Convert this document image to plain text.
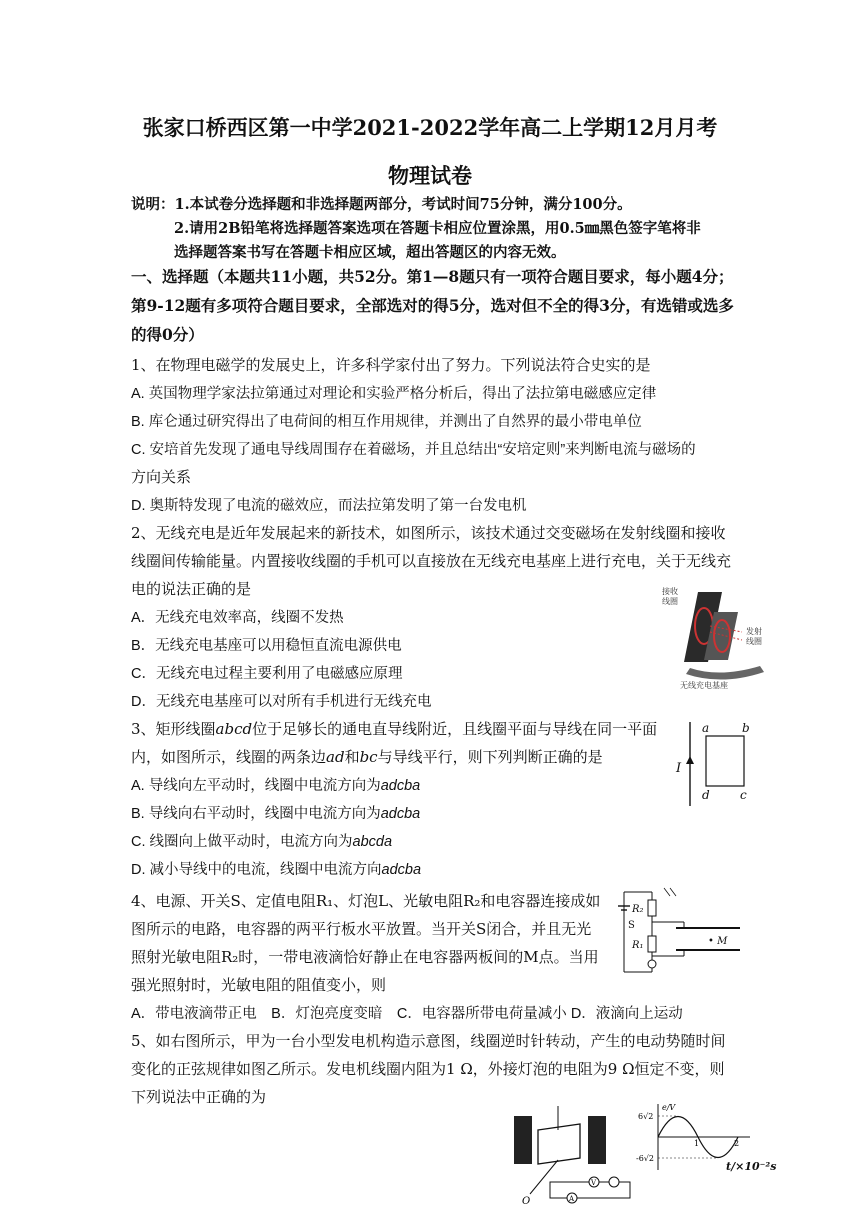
张家口桥西区第一中学2021-2022学年高二上学期12月月考
物理试卷
说明：1.本试卷分选择题和非选择题两部分，考试时间75分钟，满分100分。
2.请用2B铅笔将选择题答案选项在答题卡相应位置涂黑，用0.5㎜黑色签字笔将非
选择题答案书写在答题卡相应区域，超出答题区的内容无效。
一、选择题（本题共11小题，共52分。第1—8题只有一项符合题目要求，每小题4分；第9-12题有多项符合题目要求，全部选对的得5分，选对但不全的得3分，有选错或选多的得0分）
1、在物理电磁学的发展史上，许多科学家付出了努力。下列说法符合史实的是
A. 英国物理学家法拉第通过对理论和实验严格分析后，得出了法拉第电磁感应定律
B. 库仑通过研究得出了电荷间的相互作用规律，并测出了自然界的最小带电单位
C. 安培首先发现了通电导线周围存在着磁场，并且总结出“安培定则”来判断电流与磁场的
方向关系
D. 奥斯特发现了电流的磁效应，而法拉第发明了第一台发电机
2、无线充电是近年发展起来的新技术，如图所示，该技术通过交变磁场在发射线圈和接收
线圈间传输能量。内置接收线圈的手机可以直接放在无线充电基座上进行充电，关于无线充
电的说法正确的是
A．无线充电效率高，线圈不发热
B．无线充电基座可以用稳恒直流电源供电
C．无线充电过程主要利用了电磁感应原理
D．无线充电基座可以对所有手机进行无线充电
接收
线圈
发射
线圈
无线充电基座
3、矩形线圈abcd位于足够长的通电直导线附近，且线圈平面与导线在同一平面
内，如图所示，线圈的两条边ad和bc与导线平行，则下列判断正确的是
A. 导线向左平动时，线圈中电流方向为adcba
B. 导线向右平动时，线圈中电流方向为adcba
C. 线圈向上做平动时，电流方向为abcda
D. 减小导线中的电流，线圈中电流方向adcba
I
a	b
d	c
4、电源、开关S、定值电阻R₁、灯泡L、光敏电阻R₂和电容器连接成如
图所示的电路，电容器的两平行板水平放置。当开关S闭合，并且无光
照射光敏电阻R₂时，一带电液滴恰好静止在电容器两板间的M点。当用
强光照射时，光敏电阻的阻值变小，则
A．带电液滴带正电　B．灯泡亮度变暗　C．电容器所带电荷量减小 D．液滴向上运动
R₂
S
R₁	• M
5、如右图所示，甲为一台小型发电机构造示意图，线圈逆时针转动，产生的电动势随时间
变化的正弦规律如图乙所示。发电机线圈内阻为1 Ω，外接灯泡的电阻为9 Ω恒定不变，则
下列说法中正确的为
A
V
O
e/V
6√2
-6√2
1	2
t/×10⁻²s
